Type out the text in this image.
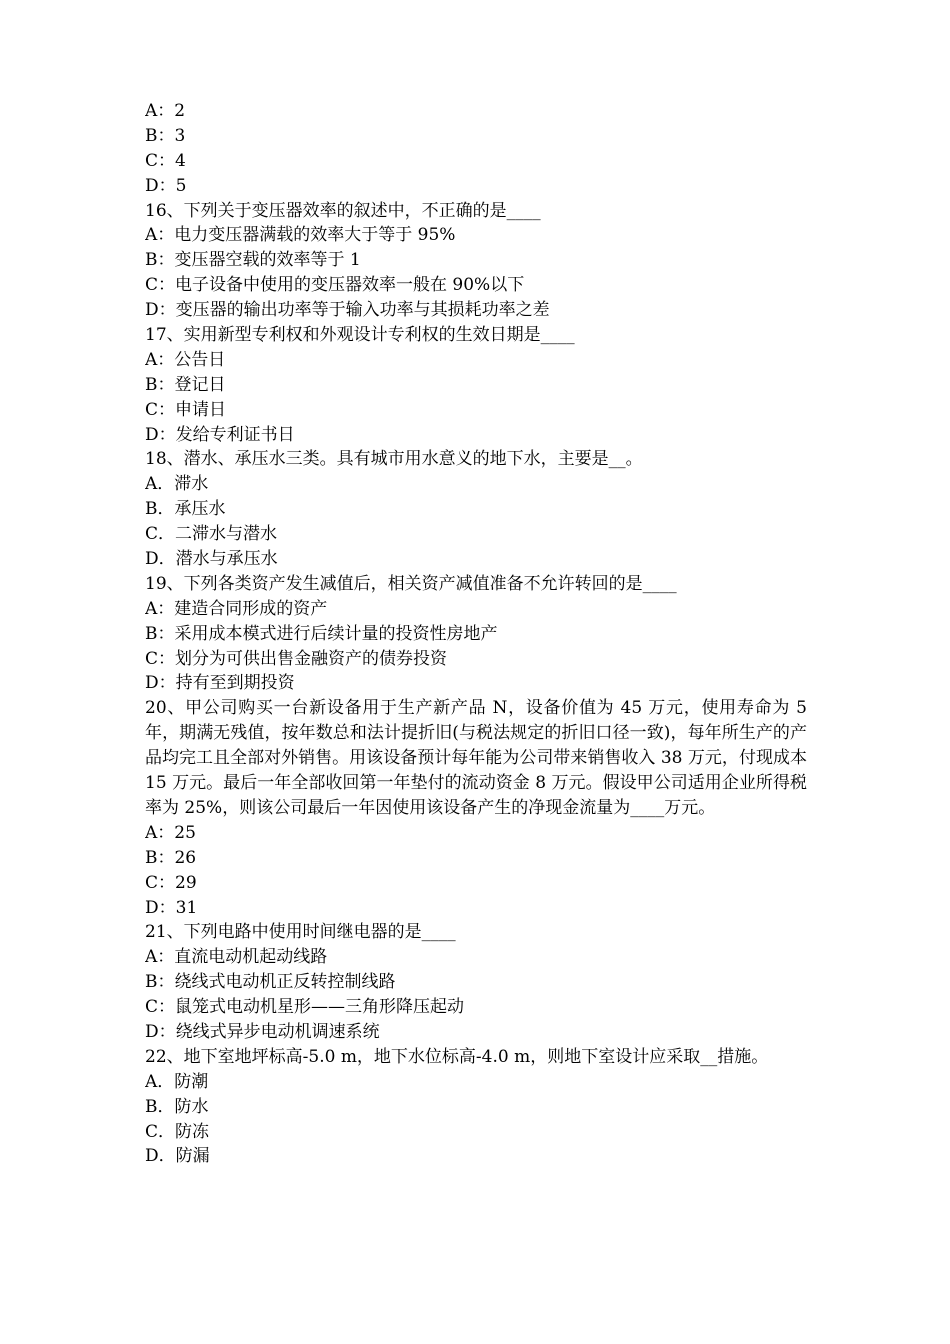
A：2
B：3
C：4
D：5
16、下列关于变压器效率的叙述中，不正确的是____
A：电力变压器满载的效率大于等于 95%
B：变压器空载的效率等于 1
C：电子设备中使用的变压器效率一般在 90%以下
D：变压器的输出功率等于输入功率与其损耗功率之差
17、实用新型专利权和外观设计专利权的生效日期是____
A：公告日
B：登记日
C：申请日
D：发给专利证书日
18、潜水、承压水三类。具有城市用水意义的地下水，主要是__。
A．滞水
B．承压水
C．二滞水与潜水
D．潜水与承压水
19、下列各类资产发生减值后，相关资产减值准备不允许转回的是____
A：建造合同形成的资产
B：采用成本模式进行后续计量的投资性房地产
C：划分为可供出售金融资产的债券投资
D：持有至到期投资
20、甲公司购买一台新设备用于生产新产品 N，设备价值为 45 万元，使用寿命为 5 年，期满无残值，按年数总和法计提折旧(与税法规定的折旧口径一致)，每年所生产的产品均完工且全部对外销售。用该设备预计每年能为公司带来销售收入 38 万元，付现成本 15 万元。最后一年全部收回第一年垫付的流动资金 8 万元。假设甲公司适用企业所得税率为 25%，则该公司最后一年因使用该设备产生的净现金流量为____万元。
A：25
B：26
C：29
D：31
21、下列电路中使用时间继电器的是____
A：直流电动机起动线路
B：绕线式电动机正反转控制线路
C：鼠笼式电动机星形——三角形降压起动
D：绕线式异步电动机调速系统
22、地下室地坪标高-5.0 m，地下水位标高-4.0 m，则地下室设计应采取__措施。
A．防潮
B．防水
C．防冻
D．防漏
